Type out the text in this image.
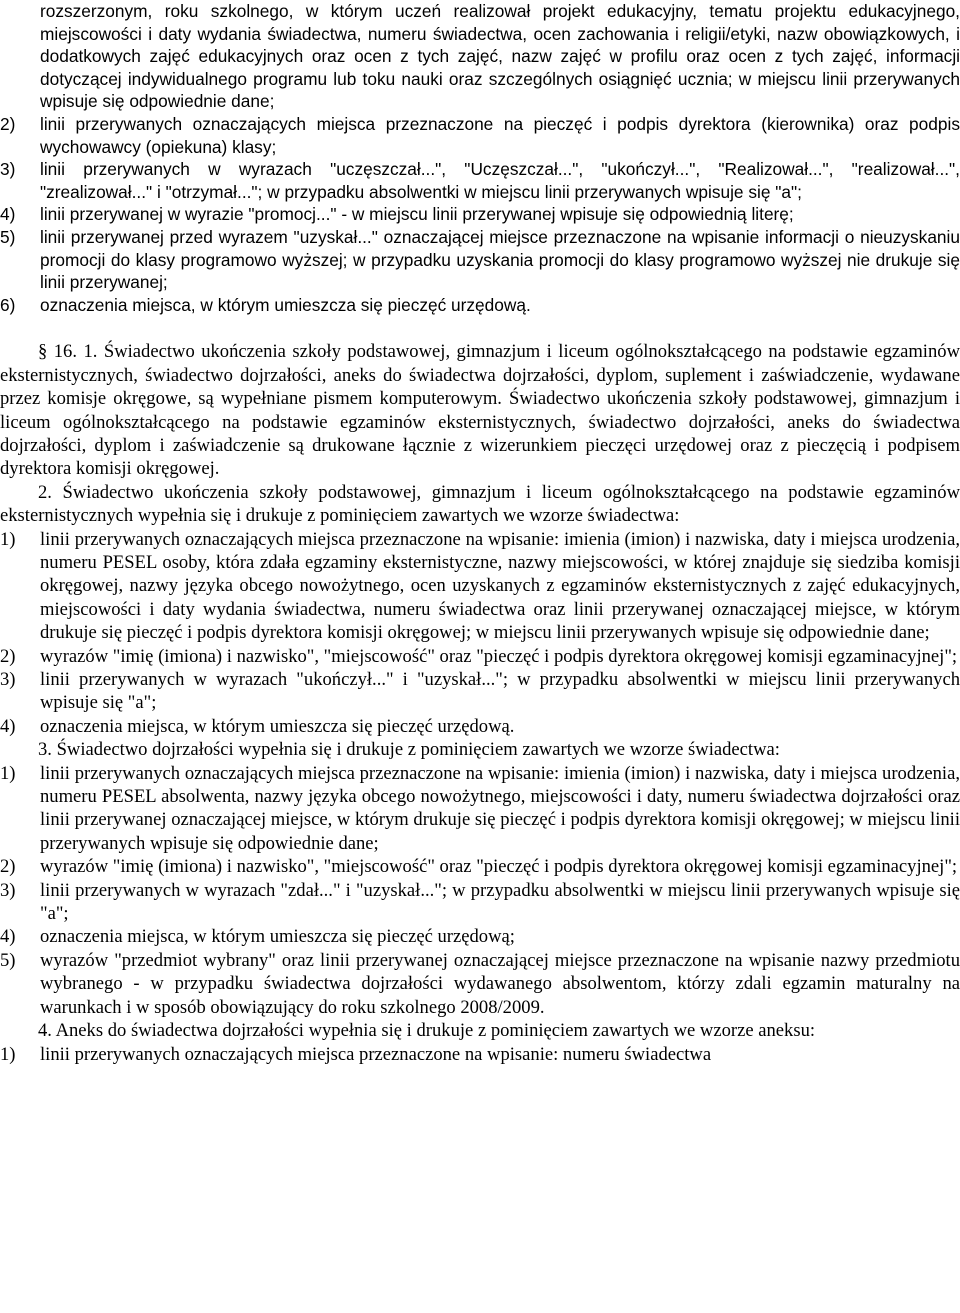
rozszerzonym, roku szkolnego, w którym uczeń realizował projekt edukacyjny, tematu projektu edukacyjnego, miejscowości i daty wydania świadectwa, numeru świadectwa, ocen zachowania i religii/etyki, nazw obowiązkowych, i dodatkowych zajęć edukacyjnych oraz ocen z tych zajęć, nazw zajęć w profilu oraz ocen z tych zajęć, informacji dotyczącej indywidualnego programu lub toku nauki oraz szczególnych osiągnięć ucznia; w miejscu linii przerywanych wpisuje się odpowiednie dane;

2)	linii przerywanych oznaczających miejsca przeznaczone na pieczęć i podpis dyrektora (kierownika) oraz podpis wychowawcy (opiekuna) klasy;
3)	linii przerywanych w wyrazach "uczęszczał...", "Uczęszczał...", "ukończył...", "Realizował...", "realizował...", "zrealizował..." i "otrzymał..."; w przypadku absolwentki w miejscu linii przerywanych wpisuje się "a";
4)	linii przerywanej w wyrazie "promocj..." - w miejscu linii przerywanej wpisuje się odpowiednią literę;
5)	linii przerywanej przed wyrazem "uzyskał..." oznaczającej miejsce przeznaczone na wpisanie informacji o nieuzyskaniu promocji do klasy programowo wyższej; w przypadku uzyskania promocji do klasy programowo wyższej nie drukuje się linii przerywanej;
6)	oznaczenia miejsca, w którym umieszcza się pieczęć urzędową.

§ 16. 1. Świadectwo ukończenia szkoły podstawowej, gimnazjum i liceum ogólnokształcącego na podstawie egzaminów eksternistycznych, świadectwo dojrzałości, aneks do świadectwa dojrzałości, dyplom, suplement i zaświadczenie, wydawane przez komisje okręgowe, są wypełniane pismem komputerowym. Świadectwo ukończenia szkoły podstawowej, gimnazjum i liceum ogólnokształcącego na podstawie egzaminów eksternistycznych, świadectwo dojrzałości, aneks do świadectwa dojrzałości, dyplom i zaświadczenie są drukowane łącznie z wizerunkiem pieczęci urzędowej oraz z pieczęcią i podpisem dyrektora komisji okręgowej.

2. Świadectwo ukończenia szkoły podstawowej, gimnazjum i liceum ogólnokształcącego na podstawie egzaminów eksternistycznych wypełnia się i drukuje z pominięciem zawartych we wzorze świadectwa:

1)	linii przerywanych oznaczających miejsca przeznaczone na wpisanie: imienia (imion) i nazwiska, daty i miejsca urodzenia, numeru PESEL osoby, która zdała egzaminy eksternistyczne, nazwy miejscowości, w której znajduje się siedziba komisji okręgowej, nazwy języka obcego nowożytnego, ocen uzyskanych z egzaminów eksternistycznych z zajęć edukacyjnych, miejscowości i daty wydania świadectwa, numeru świadectwa oraz linii przerywanej oznaczającej miejsce, w którym drukuje się pieczęć i podpis dyrektora komisji okręgowej; w miejscu linii przerywanych wpisuje się odpowiednie dane;
2)	wyrazów "imię (imiona) i nazwisko", "miejscowość" oraz "pieczęć i podpis dyrektora okręgowej komisji egzaminacyjnej";
3)	linii przerywanych w wyrazach "ukończył..." i "uzyskał..."; w przypadku absolwentki w miejscu linii przerywanych wpisuje się "a";
4)	oznaczenia miejsca, w którym umieszcza się pieczęć urzędową.

3. Świadectwo dojrzałości wypełnia się i drukuje z pominięciem zawartych we wzorze świadectwa:

1)	linii przerywanych oznaczających miejsca przeznaczone na wpisanie: imienia (imion) i nazwiska, daty i miejsca urodzenia, numeru PESEL absolwenta, nazwy języka obcego nowożytnego, miejscowości i daty, numeru świadectwa dojrzałości oraz linii przerywanej oznaczającej miejsce, w którym drukuje się pieczęć i podpis dyrektora komisji okręgowej; w miejscu linii przerywanych wpisuje się odpowiednie dane;
2)	wyrazów "imię (imiona) i nazwisko", "miejscowość" oraz "pieczęć i podpis dyrektora okręgowej komisji egzaminacyjnej";
3)	linii przerywanych w wyrazach "zdał..." i "uzyskał..."; w przypadku absolwentki w miejscu linii przerywanych wpisuje się "a";
4)	oznaczenia miejsca, w którym umieszcza się pieczęć urzędową;
5)	wyrazów "przedmiot wybrany" oraz linii przerywanej oznaczającej miejsce przeznaczone na wpisanie nazwy przedmiotu wybranego - w przypadku świadectwa dojrzałości wydawanego absolwentom, którzy zdali egzamin maturalny na warunkach i w sposób obowiązujący do roku szkolnego 2008/2009.

4. Aneks do świadectwa dojrzałości wypełnia się i drukuje z pominięciem zawartych we wzorze aneksu:

1)	linii przerywanych oznaczających miejsca przeznaczone na wpisanie: numeru świadectwa
